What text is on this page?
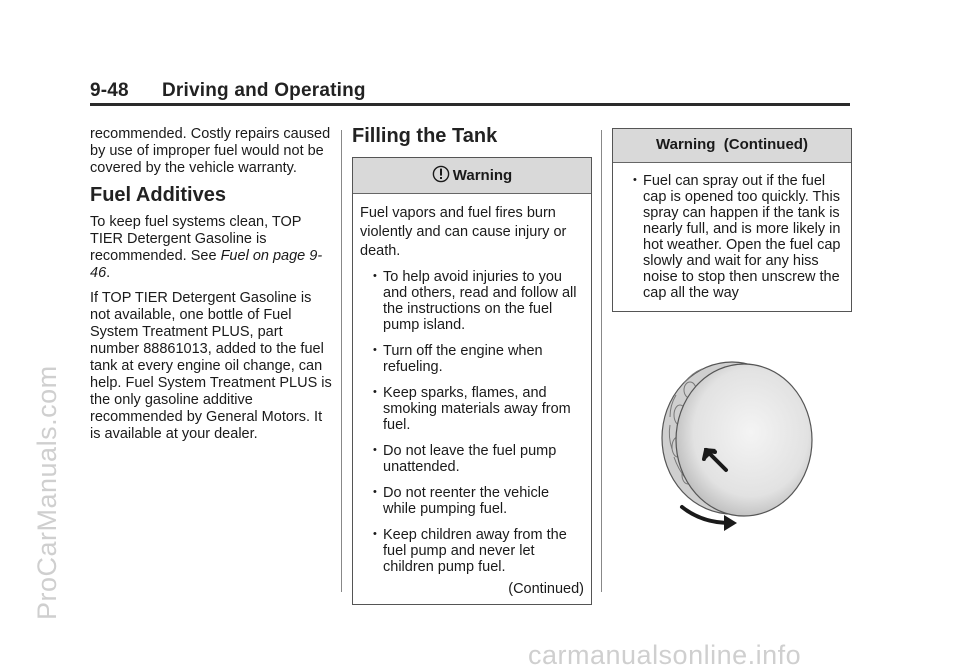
9-48 Driving and Operating

recommended. Costly repairs caused by use of improper fuel would not be covered by the vehicle warranty.

Fuel Additives

To keep fuel systems clean, TOP TIER Detergent Gasoline is recommended. See Fuel on page 9-46.

If TOP TIER Detergent Gasoline is not available, one bottle of Fuel System Treatment PLUS, part number 88861013, added to the fuel tank at every engine oil change, can help. Fuel System Treatment PLUS is the only gasoline additive recommended by General Motors. It is available at your dealer.

Filling the Tank
Warning

Fuel vapors and fuel fires burn violently and can cause injury or death.

• To help avoid injuries to you and others, read and follow all the instructions on the fuel pump island.
• Turn off the engine when refueling.
• Keep sparks, flames, and smoking materials away from fuel.
• Do not leave the fuel pump unattended.
• Do not reenter the vehicle while pumping fuel.
• Keep children away from the fuel pump and never let children pump fuel.
(Continued)
Warning  (Continued)
• Fuel can spray out if the fuel cap is opened too quickly. This spray can happen if the tank is nearly full, and is more likely in hot weather. Open the fuel cap slowly and wait for any hiss noise to stop then unscrew the cap all the way
ProCarManuals.com
carmanualsonline.info
